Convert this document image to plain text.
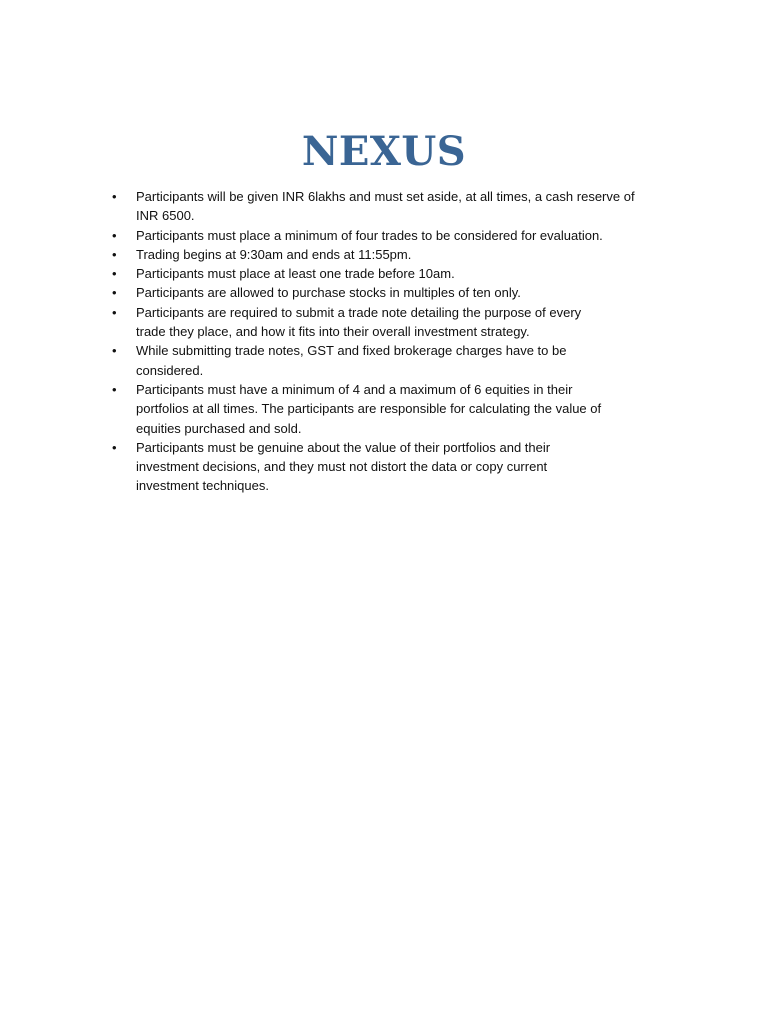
NEXUS
•	Participants will be given INR 6lakhs and must set aside, at all times, a cash reserve of
INR 6500.
•	Participants must place a minimum of four trades to be considered for evaluation.
•	Trading begins at 9:30am and ends at 11:55pm.
•	Participants must place at least one trade before 10am.
•	Participants are allowed to purchase stocks in multiples of ten only.
•	Participants are required to submit a trade note detailing the purpose of every
trade they place, and how it fits into their overall investment strategy.
•	While submitting trade notes, GST and fixed brokerage charges have to be
considered.
•	Participants must have a minimum of 4 and a maximum of 6 equities in their
portfolios at all times. The participants are responsible for calculating the value of
equities purchased and sold.
•	Participants must be genuine about the value of their portfolios and their
investment decisions, and they must not distort the data or copy current
investment techniques.
